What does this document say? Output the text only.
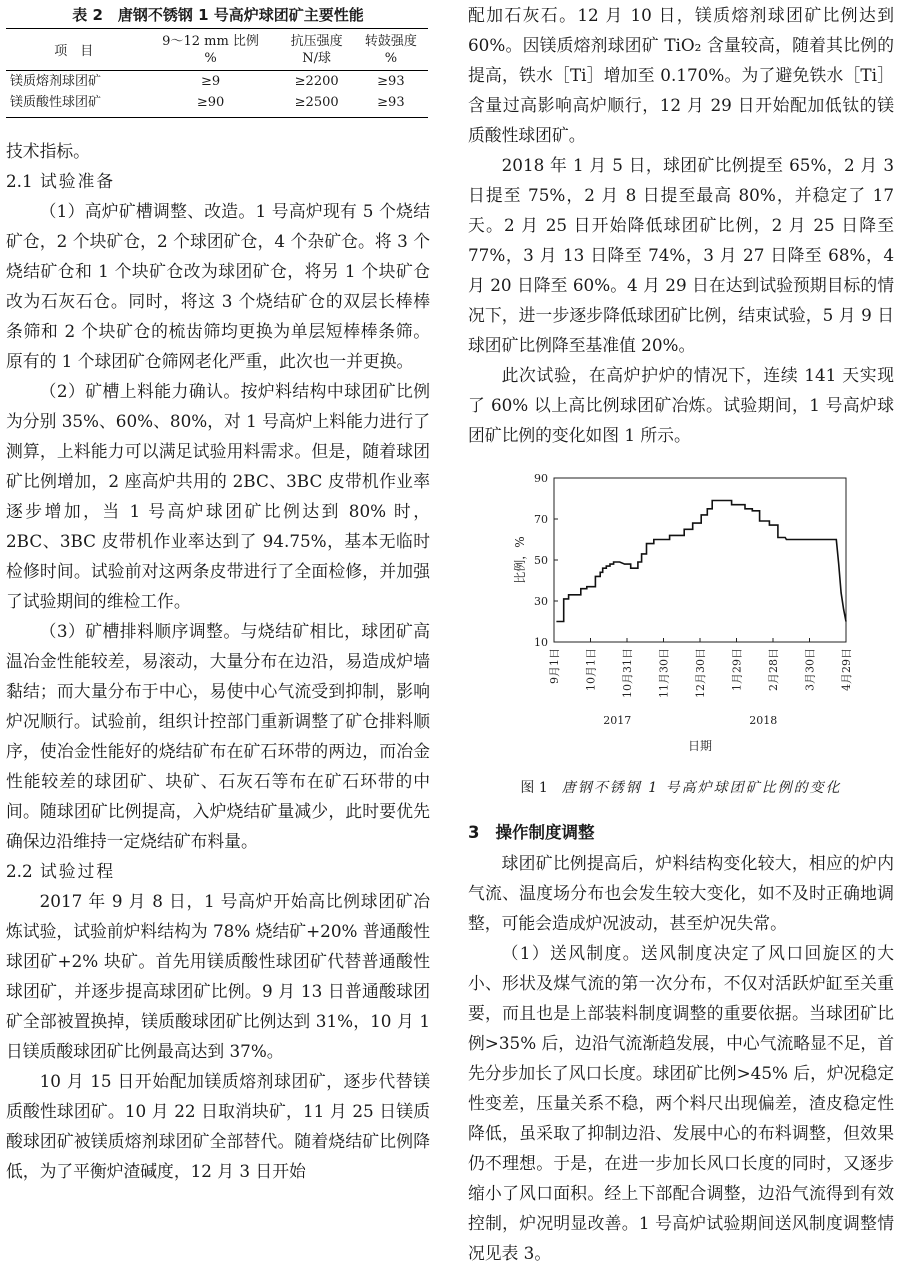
表 2　唐钢不锈钢 1 号高炉球团矿主要性能
项　目	9～12 mm 比例	抗压强度	转鼓强度
	%	N/球	%
镁质熔剂球团矿	≥9	≥2200	≥93
镁质酸性球团矿	≥90	≥2500	≥93

技术指标。

2.1 试验准备

（1）高炉矿槽调整、改造。1 号高炉现有 5 个烧结矿仓，2 个块矿仓，2 个球团矿仓，4 个杂矿仓。将 3 个烧结矿仓和 1 个块矿仓改为球团矿仓，将另 1 个块矿仓改为石灰石仓。同时，将这 3 个烧结矿仓的双层长棒棒条筛和 2 个块矿仓的梳齿筛均更换为单层短棒棒条筛。原有的 1 个球团矿仓筛网老化严重，此次也一并更换。

（2）矿槽上料能力确认。按炉料结构中球团矿比例为分别 35%、60%、80%，对 1 号高炉上料能力进行了测算，上料能力可以满足试验用料需求。但是，随着球团矿比例增加，2 座高炉共用的 2BC、3BC 皮带机作业率逐步增加，当 1 号高炉球团矿比例达到 80% 时，2BC、3BC 皮带机作业率达到了 94.75%，基本无临时检修时间。试验前对这两条皮带进行了全面检修，并加强了试验期间的维检工作。

（3）矿槽排料顺序调整。与烧结矿相比，球团矿高温冶金性能较差，易滚动，大量分布在边沿，易造成炉墙黏结；而大量分布于中心，易使中心气流受到抑制，影响炉况顺行。试验前，组织计控部门重新调整了矿仓排料顺序，使冶金性能好的烧结矿布在矿石环带的两边，而冶金性能较差的球团矿、块矿、石灰石等布在矿石环带的中间。随球团矿比例提高，入炉烧结矿量减少，此时要优先确保边沿维持一定烧结矿布料量。

2.2 试验过程

2017 年 9 月 8 日，1 号高炉开始高比例球团矿冶炼试验，试验前炉料结构为 78% 烧结矿+20% 普通酸性球团矿+2% 块矿。首先用镁质酸性球团矿代替普通酸性球团矿，并逐步提高球团矿比例。9 月 13 日普通酸球团矿全部被置换掉，镁质酸球团矿比例达到 31%，10 月 1 日镁质酸球团矿比例最高达到 37%。

10 月 15 日开始配加镁质熔剂球团矿，逐步代替镁质酸性球团矿。10 月 22 日取消块矿，11 月 25 日镁质酸球团矿被镁质熔剂球团矿全部替代。随着烧结矿比例降低，为了平衡炉渣碱度，12 月 3 日开始

配加石灰石。12 月 10 日，镁质熔剂球团矿比例达到 60%。因镁质熔剂球团矿 TiO₂ 含量较高，随着其比例的提高，铁水［Ti］增加至 0.170%。为了避免铁水［Ti］含量过高影响高炉顺行，12 月 29 日开始配加低钛的镁质酸性球团矿。

2018 年 1 月 5 日，球团矿比例提至 65%，2 月 3 日提至 75%，2 月 8 日提至最高 80%，并稳定了 17 天。2 月 25 日开始降低球团矿比例，2 月 25 日降至 77%，3 月 13 日降至 74%，3 月 27 日降至 68%，4 月 20 日降至 60%。4 月 29 日在达到试验预期目标的情况下，进一步逐步降低球团矿比例，结束试验，5 月 9 日球团矿比例降至基准值 20%。

此次试验，在高炉护炉的情况下，连续 141 天实现了 60% 以上高比例球团矿冶炼。试验期间，1 号高炉球团矿比例的变化如图 1 所示。

10
30
50
70
90
比例，%
9月1日 10月1日 10月31日 11月30日 12月30日 1月29日 2月28日 3月30日 4月29日
2017	2018
日期
图 1 唐钢不锈钢 1 号高炉球团矿比例的变化
3 操作制度调整

球团矿比例提高后，炉料结构变化较大，相应的炉内气流、温度场分布也会发生较大变化，如不及时正确地调整，可能会造成炉况波动，甚至炉况失常。

（1）送风制度。送风制度决定了风口回旋区的大小、形状及煤气流的第一次分布，不仅对活跃炉缸至关重要，而且也是上部装料制度调整的重要依据。当球团矿比例>35% 后，边沿气流渐趋发展，中心气流略显不足，首先分步加长了风口长度。球团矿比例>45% 后，炉况稳定性变差，压量关系不稳，两个料尺出现偏差，渣皮稳定性降低，虽采取了抑制边沿、发展中心的布料调整，但效果仍不理想。于是，在进一步加长风口长度的同时，又逐步缩小了风口面积。经上下部配合调整，边沿气流得到有效控制，炉况明显改善。1 号高炉试验期间送风制度调整情况见表 3。
